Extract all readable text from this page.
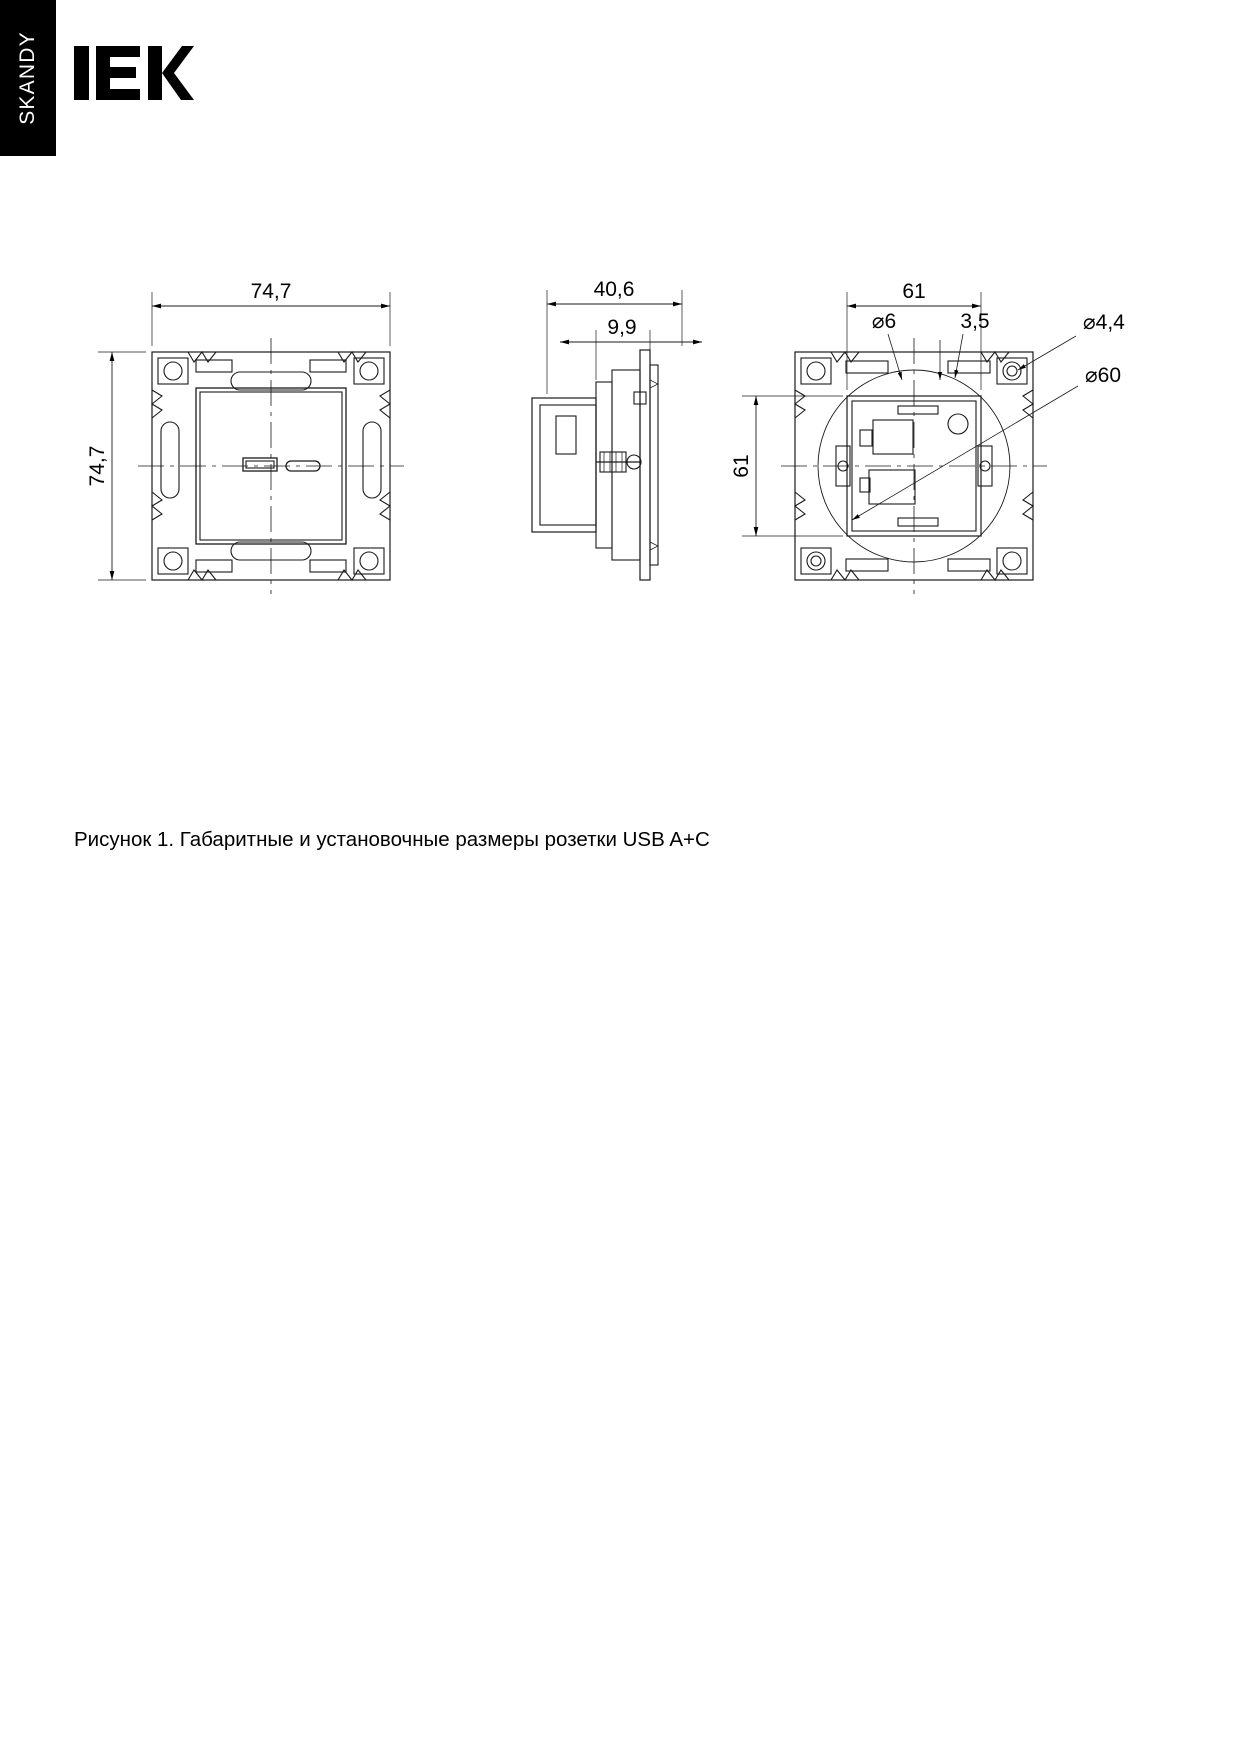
SKANDY
74,7
74,7
40,6
9,9
61
61
⌀6	3,5	⌀4,4
⌀60
Рисунок 1. Габаритные и установочные размеры розетки USB A+C
